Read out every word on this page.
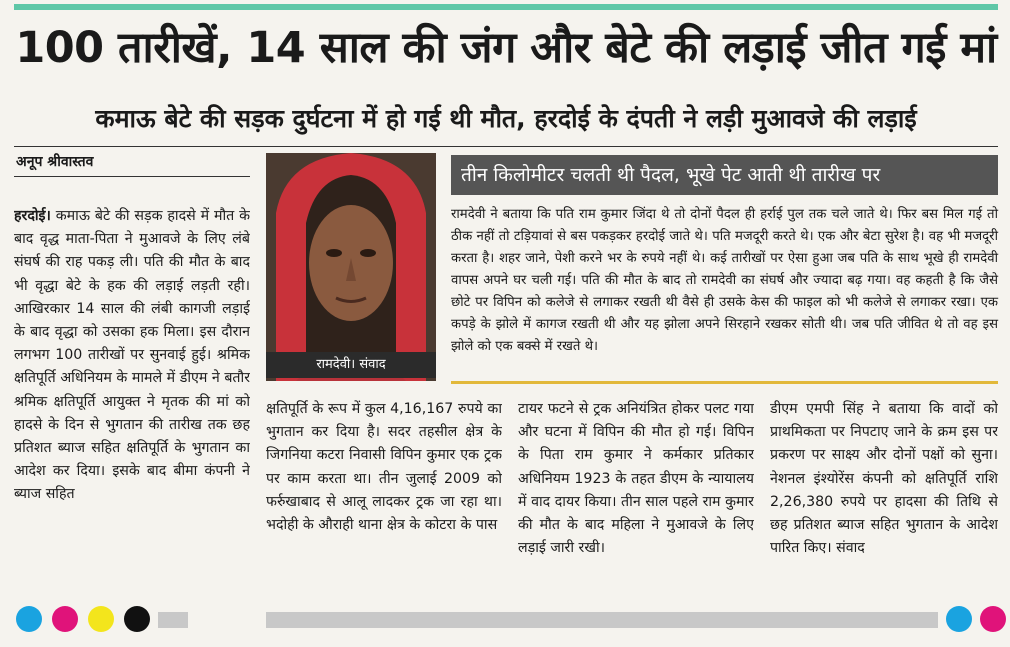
100 तारीखें, 14 साल की जंग और बेटे की लड़ाई जीत गई मां
कमाऊ बेटे की सड़क दुर्घटना में हो गई थी मौत, हरदोई के दंपती ने लड़ी मुआवजे की लड़ाई
अनूप श्रीवास्तव
हरदोई। कमाऊ बेटे की सड़क हादसे में मौत के बाद वृद्ध माता-पिता ने मुआवजे के लिए लंबे संघर्ष की राह पकड़ ली। पति की मौत के बाद भी वृद्धा बेटे के हक की लड़ाई लड़ती रही। आखिरकार 14 साल की लंबी कागजी लड़ाई के बाद वृद्धा को उसका हक मिला। इस दौरान लगभग 100 तारीखों पर सुनवाई हुई। श्रमिक क्षतिपूर्ति अधिनियम के मामले में डीएम ने बतौर श्रमिक क्षतिपूर्ति आयुक्त ने मृतक की मां को हादसे के दिन से भुगतान की तारीख तक छह प्रतिशत ब्याज सहित क्षतिपूर्ति के भुगतान का आदेश कर दिया। इसके बाद बीमा कंपनी ने ब्याज सहित
रामदेवी। संवाद
तीन किलोमीटर चलती थी पैदल, भूखे पेट आती थी तारीख पर
रामदेवी ने बताया कि पति राम कुमार जिंदा थे तो दोनों पैदल ही हर्राई पुल तक चले जाते थे। फिर बस मिल गई तो ठीक नहीं तो टड़ियावां से बस पकड़कर हरदोई जाते थे। पति मजदूरी करते थे। एक और बेटा सुरेश है। वह भी मजदूरी करता है। शहर जाने, पेशी करने भर के रुपये नहीं थे। कई तारीखों पर ऐसा हुआ जब पति के साथ भूखे ही रामदेवी वापस अपने घर चली गई। पति की मौत के बाद तो रामदेवी का संघर्ष और ज्यादा बढ़ गया। वह कहती है कि जैसे छोटे पर विपिन को कलेजे से लगाकर रखती थी वैसे ही उसके केस की फाइल को भी कलेजे से लगाकर रखा। एक कपड़े के झोले में कागज रखती थी और यह झोला अपने सिरहाने रखकर सोती थी। जब पति जीवित थे तो वह इस झोले को एक बक्से में रखते थे।
क्षतिपूर्ति के रूप में कुल 4,16,167 रुपये का भुगतान कर दिया है। सदर तहसील क्षेत्र के जिगनिया कटरा निवासी विपिन कुमार एक ट्रक पर काम करता था। तीन जुलाई 2009 को फर्रुखाबाद से आलू लादकर ट्रक जा रहा था। भदोही के औराही थाना क्षेत्र के कोटरा के पास
टायर फटने से ट्रक अनियंत्रित होकर पलट गया और घटना में विपिन की मौत हो गई। विपिन के पिता राम कुमार ने कर्मकार प्रतिकार अधिनियम 1923 के तहत डीएम के न्यायालय में वाद दायर किया। तीन साल पहले राम कुमार की मौत के बाद महिला ने मुआवजे के लिए लड़ाई जारी रखी।
डीएम एमपी सिंह ने बताया कि वादों को प्राथमिकता पर निपटाए जाने के क्रम इस पर प्रकरण पर साक्ष्य और दोनों पक्षों को सुना। नेशनल इंश्योरेंस कंपनी को क्षतिपूर्ति राशि 2,26,380 रुपये पर हादसा की तिथि से छह प्रतिशत ब्याज सहित भुगतान के आदेश पारित किए। संवाद
